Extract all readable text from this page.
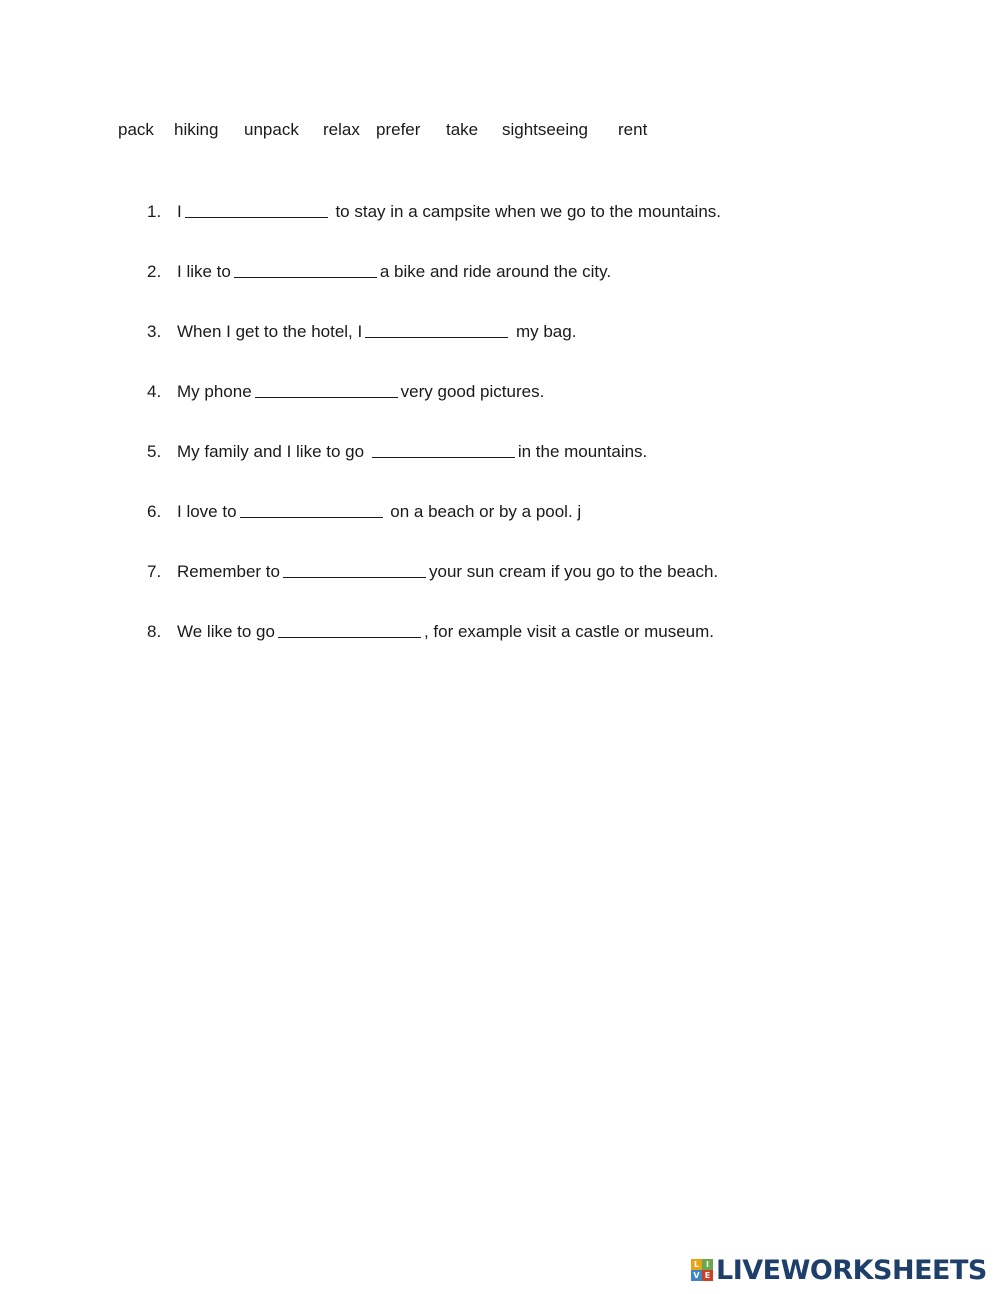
pack hiking unpack relax prefer take sightseeing rent
1. I	to stay in a campsite when we go to the mountains.
2. I like to	a bike and ride around the city.
3. When I get to the hotel, I	my bag.
4. My phone	very good pictures.
5. My family and I like to go	in the mountains.
6. I love to	on a beach or by a pool. j
7. Remember to	your sun cream if you go to the beach.
8. We like to go	, for example visit a castle or museum.
L I
V E LIVEWORKSHEETS
